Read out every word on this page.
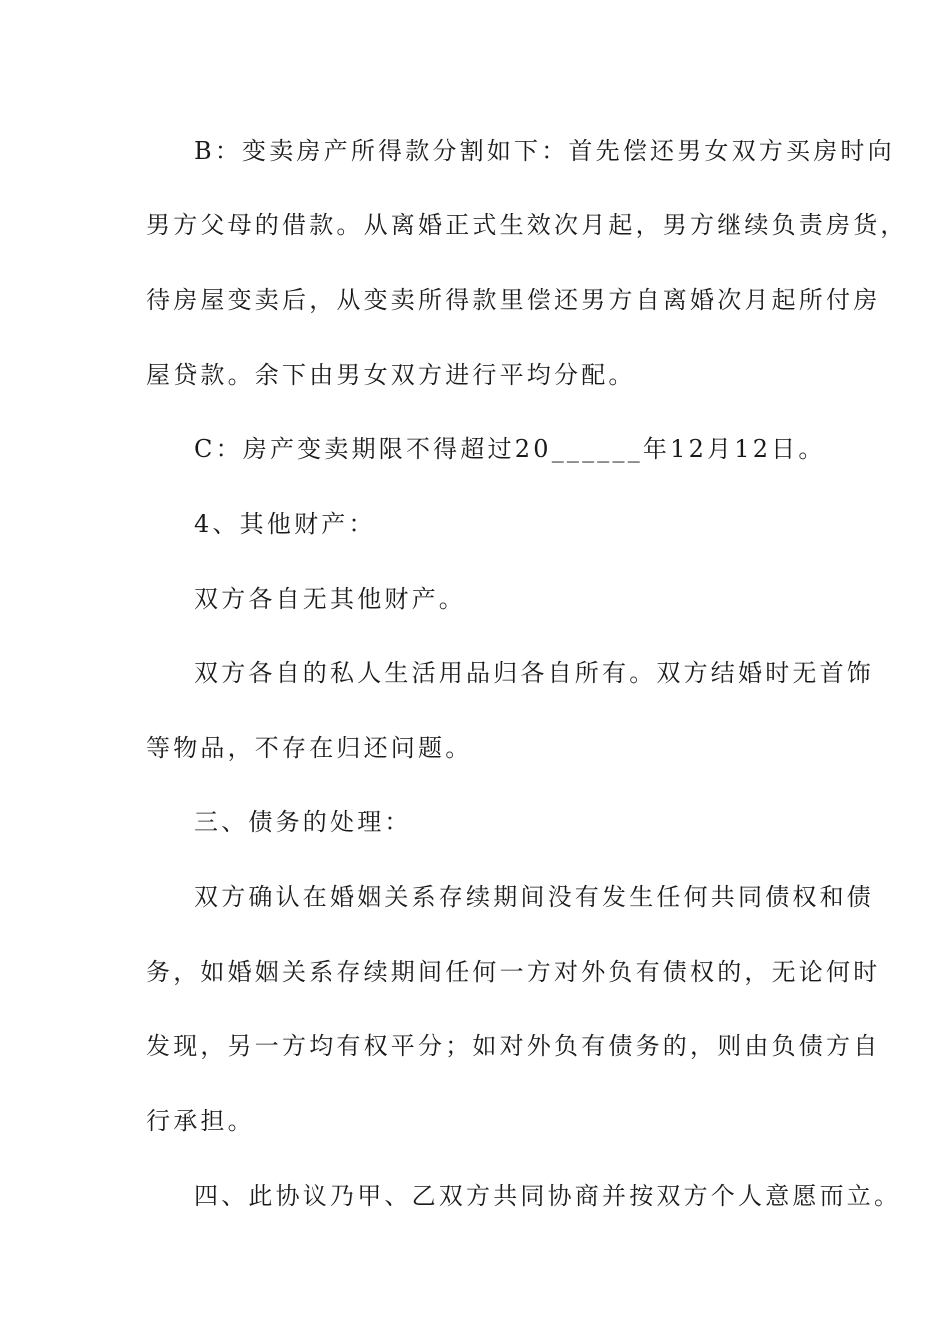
B：变卖房产所得款分割如下：首先偿还男女双方买房时向
男方父母的借款。从离婚正式生效次月起，男方继续负责房货，
待房屋变卖后，从变卖所得款里偿还男方自离婚次月起所付房
屋贷款。余下由男女双方进行平均分配。
C：房产变卖期限不得超过20______年12月12日。
4、其他财产：
双方各自无其他财产。
双方各自的私人生活用品归各自所有。双方结婚时无首饰
等物品，不存在归还问题。
三、债务的处理：
双方确认在婚姻关系存续期间没有发生任何共同债权和债
务，如婚姻关系存续期间任何一方对外负有债权的，无论何时
发现，另一方均有权平分；如对外负有债务的，则由负债方自
行承担。
四、此协议乃甲、乙双方共同协商并按双方个人意愿而立。
